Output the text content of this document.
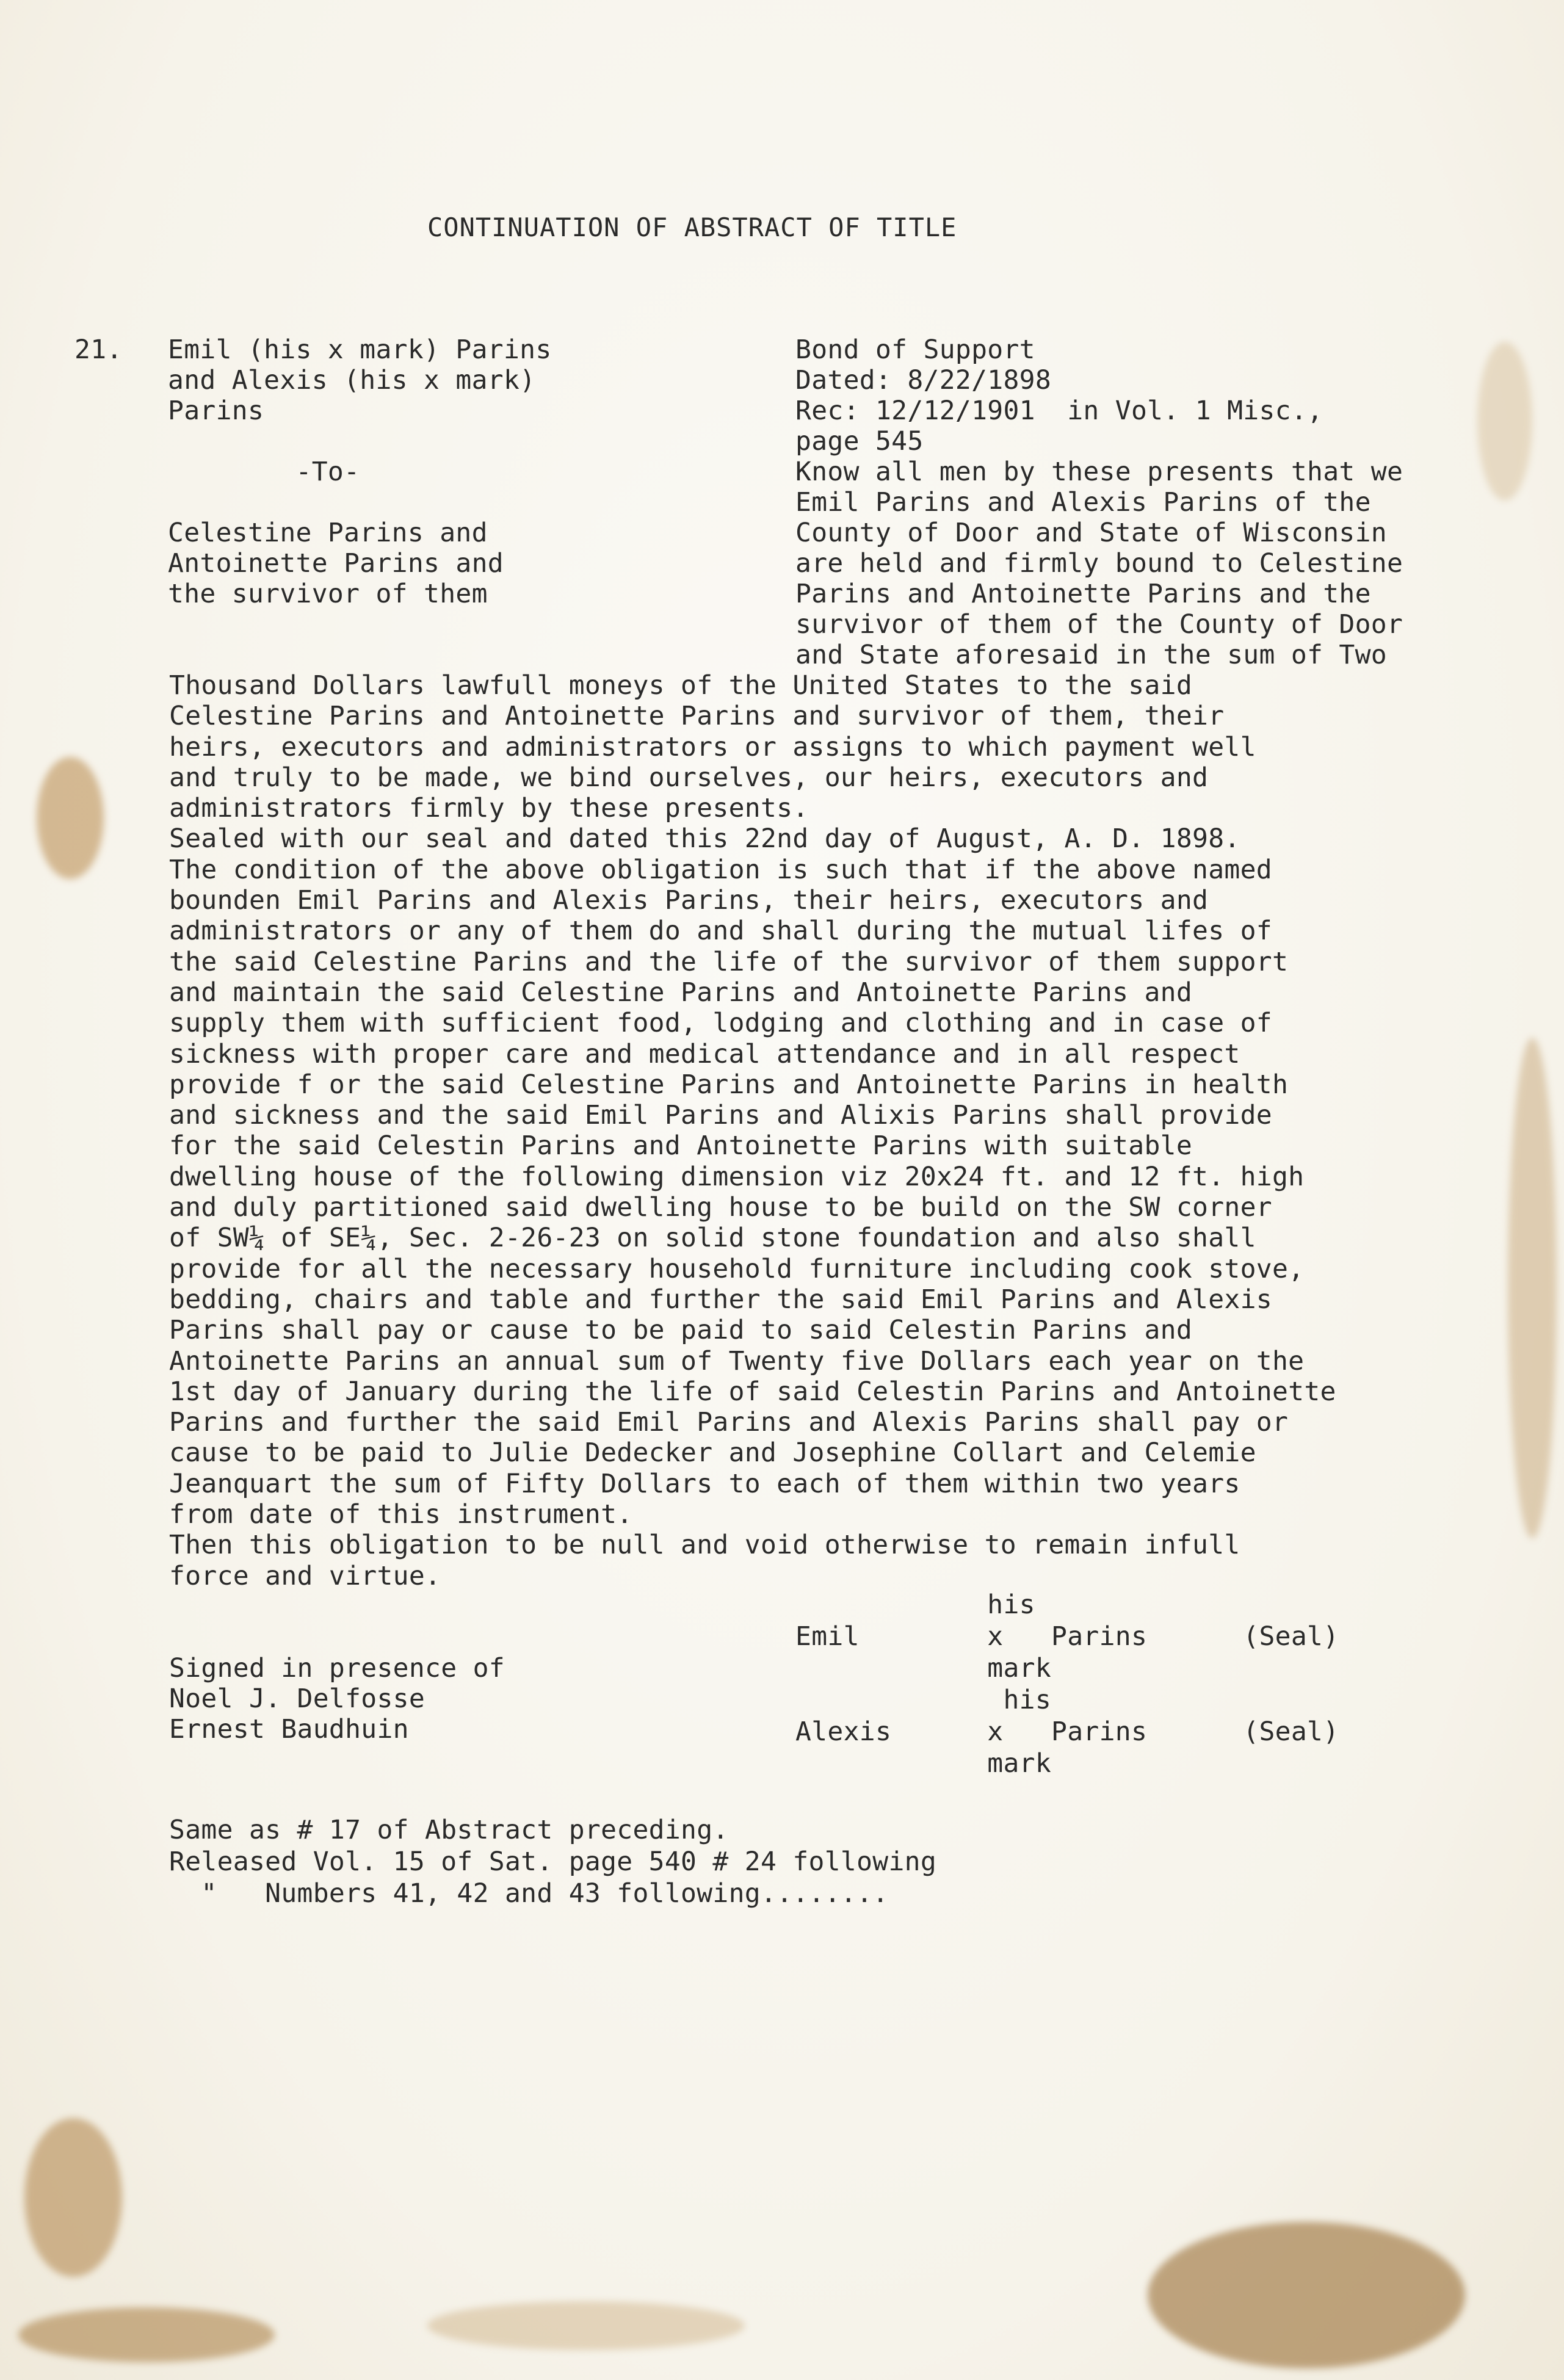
CONTINUATION OF ABSTRACT OF TITLE
21. Emil (his x mark) Parins
and Alexis (his x mark)
Parins

-To-

Celestine Parins and
Antoinette Parins and
the survivor of them
Bond of Support
Dated: 8/22/1898
Rec: 12/12/1901  in Vol. 1 Misc.,
page 545
Know all men by these presents that we
Emil Parins and Alexis Parins of the
County of Door and State of Wisconsin
are held and firmly bound to Celestine
Parins and Antoinette Parins and the
survivor of them of the County of Door
and State aforesaid in the sum of Two
Thousand Dollars lawfull moneys of the United States to the said
Celestine Parins and Antoinette Parins and survivor of them, their
heirs, executors and administrators or assigns to which payment well
and truly to be made, we bind ourselves, our heirs, executors and
administrators firmly by these presents.
Sealed with our seal and dated this 22nd day of August, A. D. 1898.
The condition of the above obligation is such that if the above named
bounden Emil Parins and Alexis Parins, their heirs, executors and
administrators or any of them do and shall during the mutual lifes of
the said Celestine Parins and the life of the survivor of them support
and maintain the said Celestine Parins and Antoinette Parins and
supply them with sufficient food, lodging and clothing and in case of
sickness with proper care and medical attendance and in all respect
provide f or the said Celestine Parins and Antoinette Parins in health
and sickness and the said Emil Parins and Alixis Parins shall provide
for the said Celestin Parins and Antoinette Parins with suitable
dwelling house of the following dimension viz 20x24 ft. and 12 ft. high
and duly partitioned said dwelling house to be build on the SW corner
of SW¼ of SE¼, Sec. 2-26-23 on solid stone foundation and also shall
provide for all the necessary household furniture including cook stove,
bedding, chairs and table and further the said Emil Parins and Alexis
Parins shall pay or cause to be paid to said Celestin Parins and
Antoinette Parins an annual sum of Twenty five Dollars each year on the
1st day of January during the life of said Celestin Parins and Antoinette
Parins and further the said Emil Parins and Alexis Parins shall pay or
cause to be paid to Julie Dedecker and Josephine Collart and Celemie
Jeanquart the sum of Fifty Dollars to each of them within two years
from date of this instrument.
Then this obligation to be null and void otherwise to remain infull
force and virtue.
Signed in presence of
Noel J. Delfosse
Ernest Baudhuin
his
Emil        x   Parins      (Seal)
mark
his
Alexis      x   Parins      (Seal)
mark
Same as # 17 of Abstract preceding.
Released Vol. 15 of Sat. page 540 # 24 following
"   Numbers 41, 42 and 43 following........
